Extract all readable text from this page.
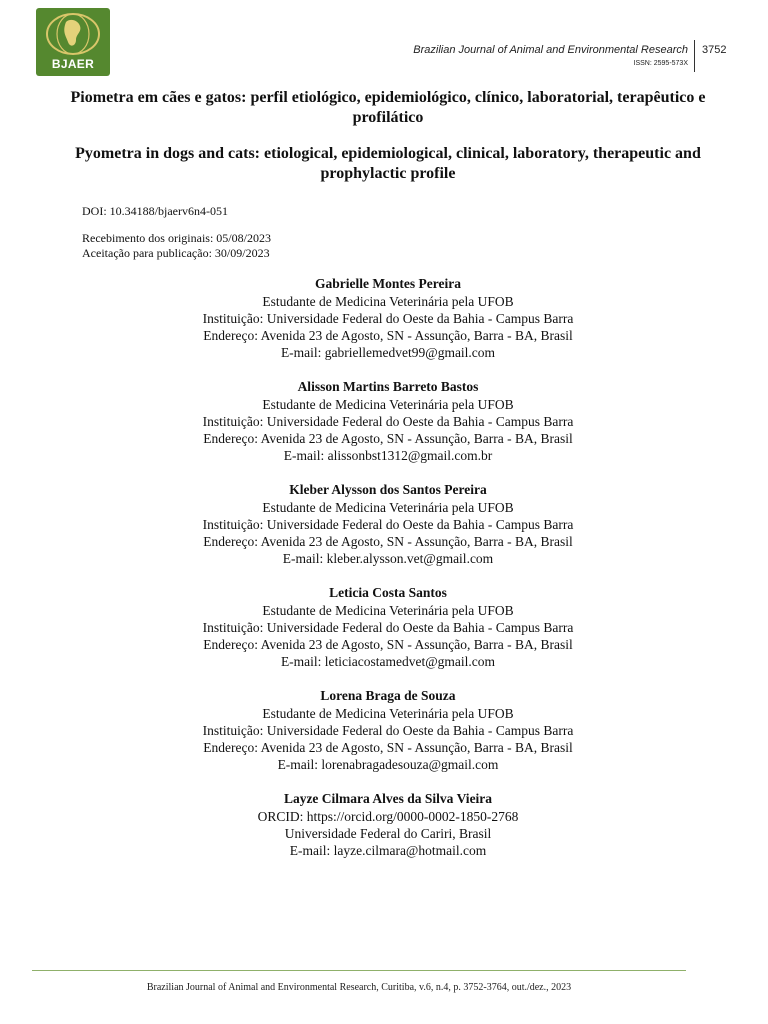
BJAER
Brazilian Journal of Animal and Environmental Research
ISSN: 2595-573X
3752
Piometra em cães e gatos: perfil etiológico, epidemiológico, clínico, laboratorial, terapêutico e profilático
Pyometra in dogs and cats: etiological, epidemiological, clinical, laboratory, therapeutic and prophylactic profile
DOI: 10.34188/bjaerv6n4-051
Recebimento dos originais: 05/08/2023
Aceitação para publicação: 30/09/2023
Gabrielle Montes Pereira
Estudante de Medicina Veterinária pela UFOB
Instituição: Universidade Federal do Oeste da Bahia - Campus Barra
Endereço: Avenida 23 de Agosto, SN - Assunção, Barra - BA, Brasil
E-mail: gabriellemedvet99@gmail.com
Alisson Martins Barreto Bastos
Estudante de Medicina Veterinária pela UFOB
Instituição: Universidade Federal do Oeste da Bahia - Campus Barra
Endereço: Avenida 23 de Agosto, SN - Assunção, Barra - BA, Brasil
E-mail: alissonbst1312@gmail.com.br
Kleber Alysson dos Santos Pereira
Estudante de Medicina Veterinária pela UFOB
Instituição: Universidade Federal do Oeste da Bahia - Campus Barra
Endereço: Avenida 23 de Agosto, SN - Assunção, Barra - BA, Brasil
E-mail: kleber.alysson.vet@gmail.com
Leticia Costa Santos
Estudante de Medicina Veterinária pela UFOB
Instituição: Universidade Federal do Oeste da Bahia - Campus Barra
Endereço: Avenida 23 de Agosto, SN - Assunção, Barra - BA, Brasil
E-mail: leticiacostamedvet@gmail.com
Lorena Braga de Souza
Estudante de Medicina Veterinária pela UFOB
Instituição: Universidade Federal do Oeste da Bahia - Campus Barra
Endereço: Avenida 23 de Agosto, SN - Assunção, Barra - BA, Brasil
E-mail: lorenabragadesouza@gmail.com
Layze Cilmara Alves da Silva Vieira
ORCID: https://orcid.org/0000-0002-1850-2768
Universidade Federal do Cariri, Brasil
E-mail: layze.cilmara@hotmail.com
Brazilian Journal of Animal and Environmental Research, Curitiba, v.6, n.4, p. 3752-3764, out./dez., 2023
